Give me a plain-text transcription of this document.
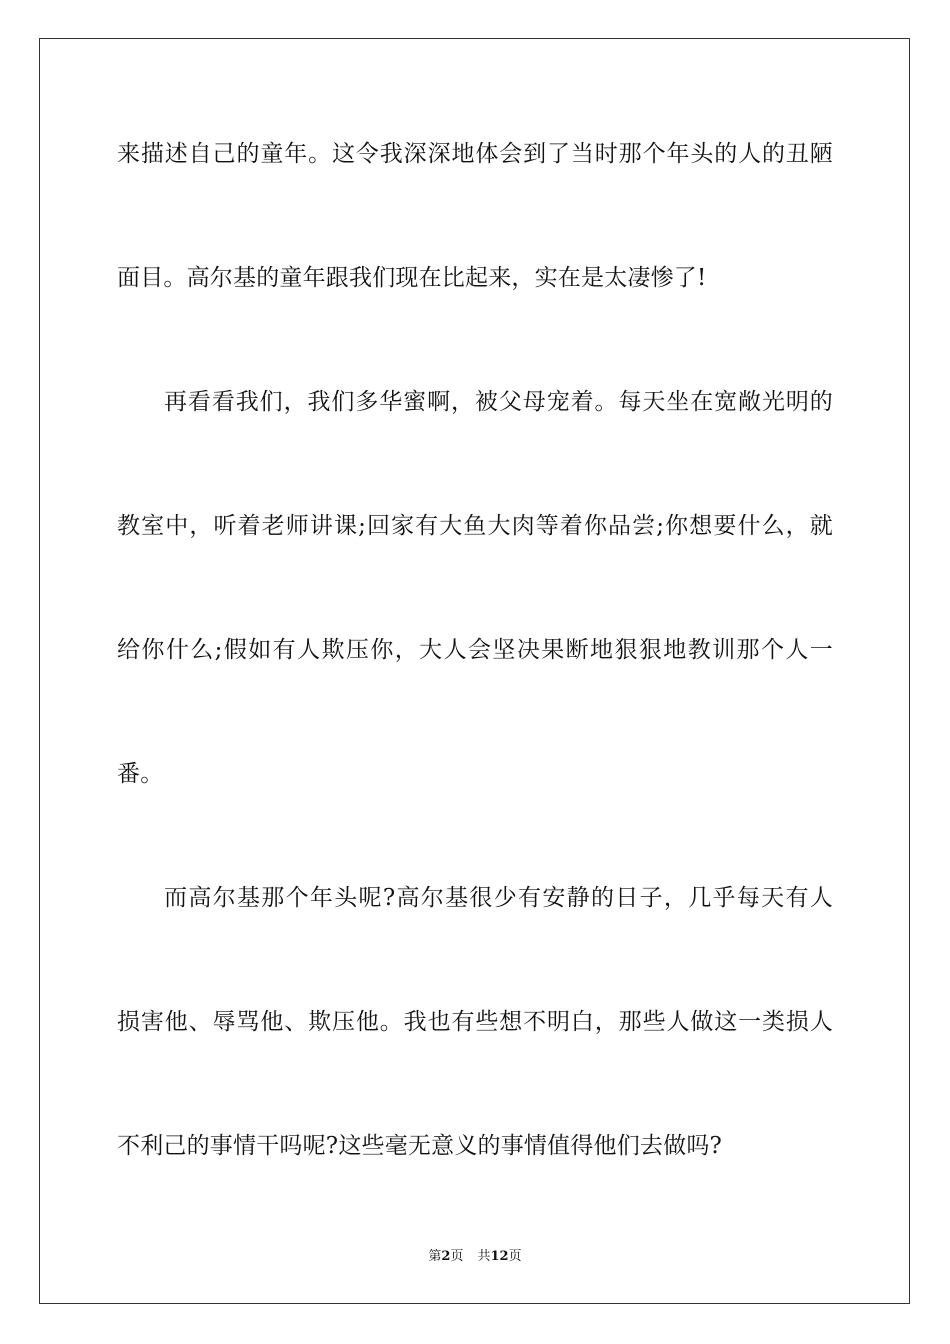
来描述自己的童年。这令我深深地体会到了当时那个年头的人的丑陋
面目。高尔基的童年跟我们现在比起来，实在是太凄惨了!
再看看我们，我们多华蜜啊，被父母宠着。每天坐在宽敞光明的
教室中，听着老师讲课;回家有大鱼大肉等着你品尝;你想要什么，就
给你什么;假如有人欺压你，大人会坚决果断地狠狠地教训那个人一
番。
而高尔基那个年头呢?高尔基很少有安静的日子，几乎每天有人
损害他、辱骂他、欺压他。我也有些想不明白，那些人做这一类损人
不利己的事情干吗呢?这些毫无意义的事情值得他们去做吗?
第2页 共12页
